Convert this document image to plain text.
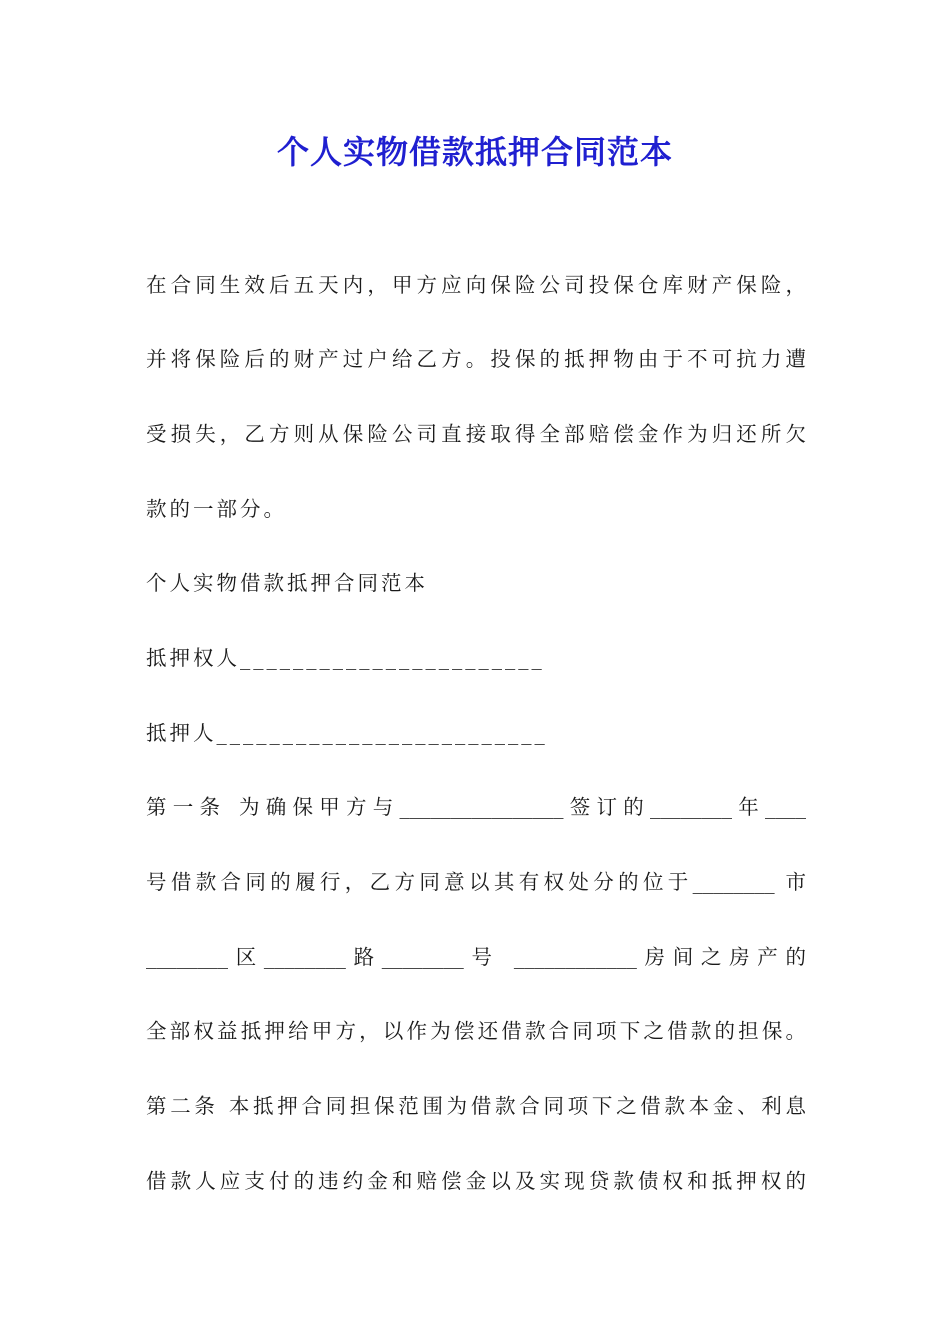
个人实物借款抵押合同范本
在合同生效后五天内，甲方应向保险公司投保仓库财产保险，
并将保险后的财产过户给乙方。投保的抵押物由于不可抗力遭
受损失，乙方则从保险公司直接取得全部赔偿金作为归还所欠
款的一部分。
个人实物借款抵押合同范本
抵押权人_______________________
抵押人_________________________
第一条 为确保甲方与________________签订的________年____
号借款合同的履行，乙方同意以其有权处分的位于________ 市
________区________路________号 ____________房间之房产的
全部权益抵押给甲方，以作为偿还借款合同项下之借款的担保。
第二条 本抵押合同担保范围为借款合同项下之借款本金、利息
借款人应支付的违约金和赔偿金以及实现贷款债权和抵押权的
